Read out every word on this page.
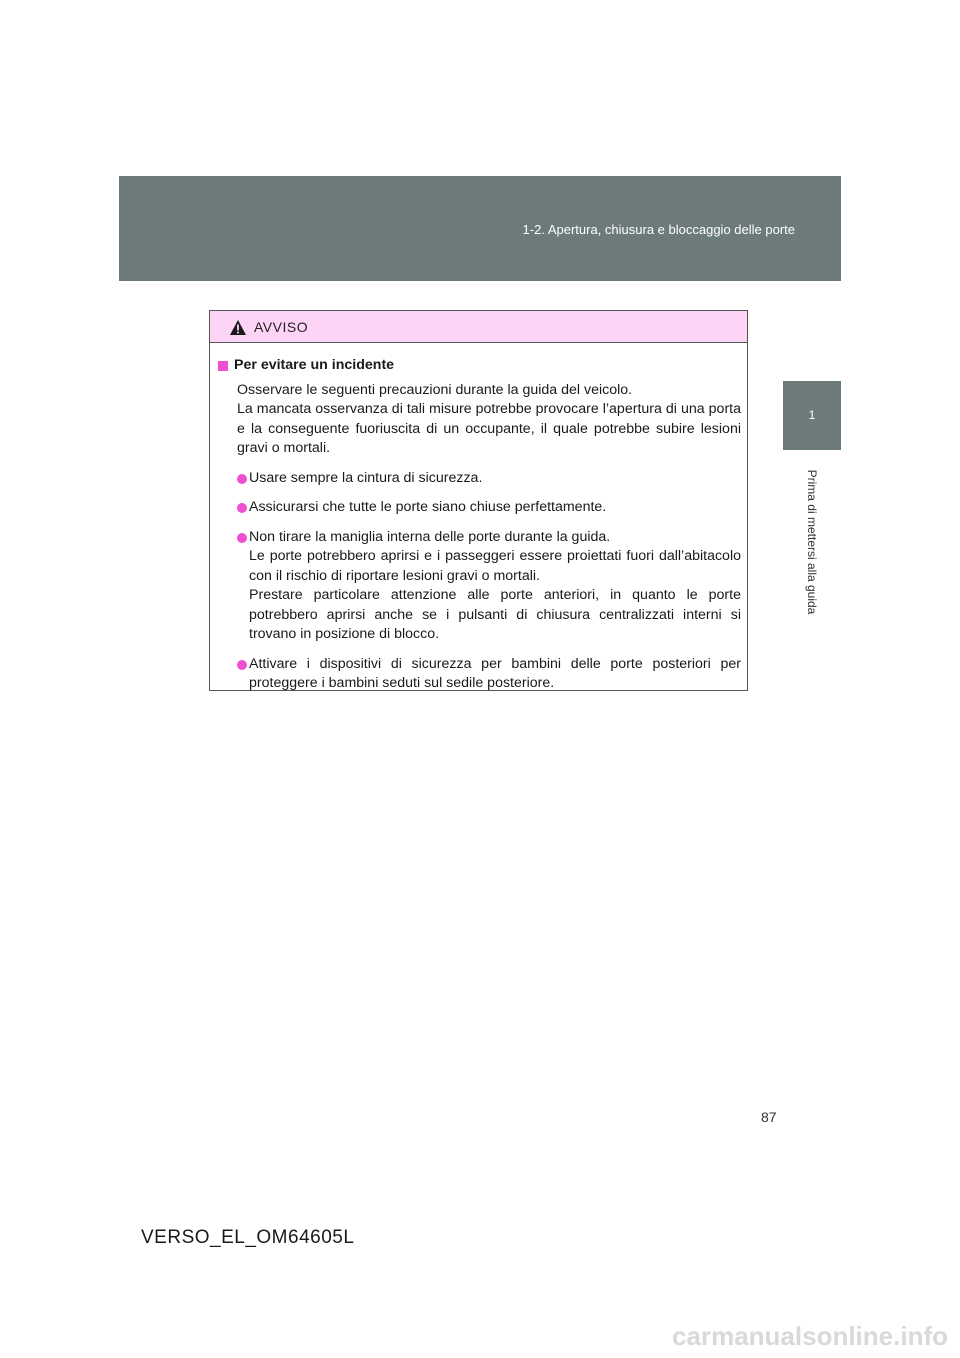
1-2. Apertura, chiusura e bloccaggio delle porte
1
Prima di mettersi alla guida
AVVISO
Per evitare un incidente

Osservare le seguenti precauzioni durante la guida del veicolo.

La mancata osservanza di tali misure potrebbe provocare l’apertura di una porta e la conseguente fuoriuscita di un occupante, il quale potrebbe subire lesioni gravi o mortali.

Usare sempre la cintura di sicurezza.

Assicurarsi che tutte le porte siano chiuse perfettamente.

Non tirare la maniglia interna delle porte durante la guida.

Le porte potrebbero aprirsi e i passeggeri essere proiettati fuori dall’abitacolo con il rischio di riportare lesioni gravi o mortali.

Prestare particolare attenzione alle porte anteriori, in quanto le porte potrebbero aprirsi anche se i pulsanti di chiusura centralizzati interni si trovano in posizione di blocco.

Attivare i dispositivi di sicurezza per bambini delle porte posteriori per proteggere i bambini seduti sul sedile posteriore.

87
VERSO_EL_OM64605L
carmanualsonline.info
